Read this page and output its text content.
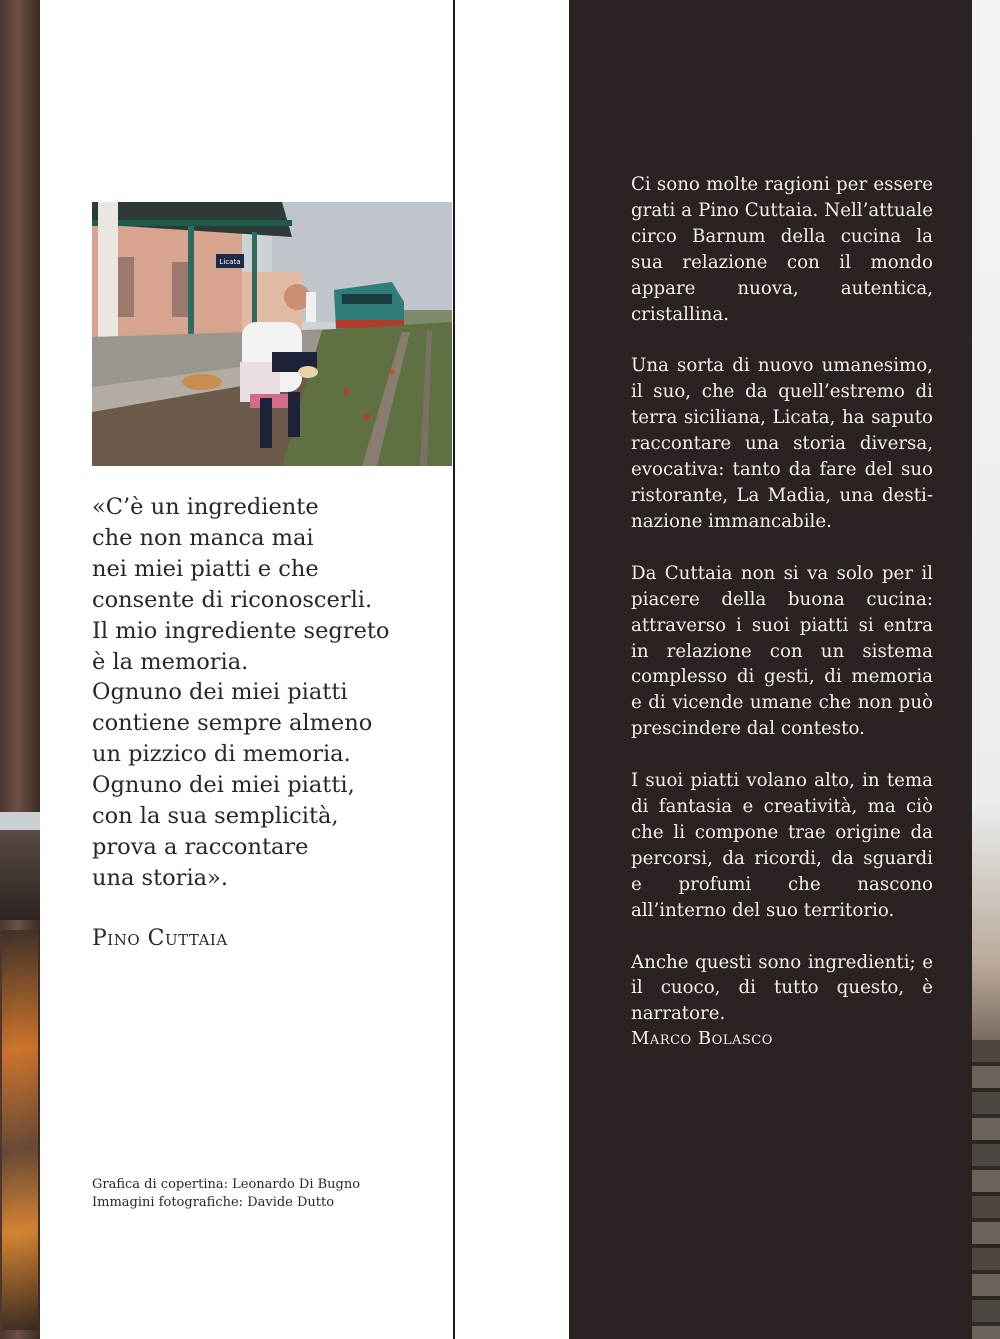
Licata
«C’è un ingrediente
che non manca mai
nei miei piatti e che
consente di riconoscerli.
Il mio ingrediente segreto
è la memoria.
Ognuno dei miei piatti
contiene sempre almeno
un pizzico di memoria.
Ognuno dei miei piatti,
con la sua semplicità,
prova a raccontare
una storia».
Pino Cuttaia
Grafica di copertina: Leonardo Di Bugno
Immagini fotografiche: Davide Dutto

Ci sono molte ragioni per essere grati a Pino Cuttaia. Nell’attuale circo Barnum della cucina la sua relazione con il mondo appare nuova, autentica, cristallina.

Una sorta di nuovo umanesimo, il suo, che da quell’estremo di terra siciliana, Licata, ha saputo raccontare una storia diversa, evocativa: tanto da fare del suo ristorante, La Madia, una destinazione immancabile.

Da Cuttaia non si va solo per il piacere della buona cucina: attraverso i suoi piatti si entra in relazione con un sistema complesso di gesti, di memoria e di vicende umane che non può prescindere dal contesto.

I suoi piatti volano alto, in tema di fantasia e creatività, ma ciò che li compone trae origine da percorsi, da ricordi, da sguardi e profumi che nascono all’interno del suo territorio.

Anche questi sono ingredienti; e il cuoco, di tutto questo, è narratore.

Marco Bolasco
